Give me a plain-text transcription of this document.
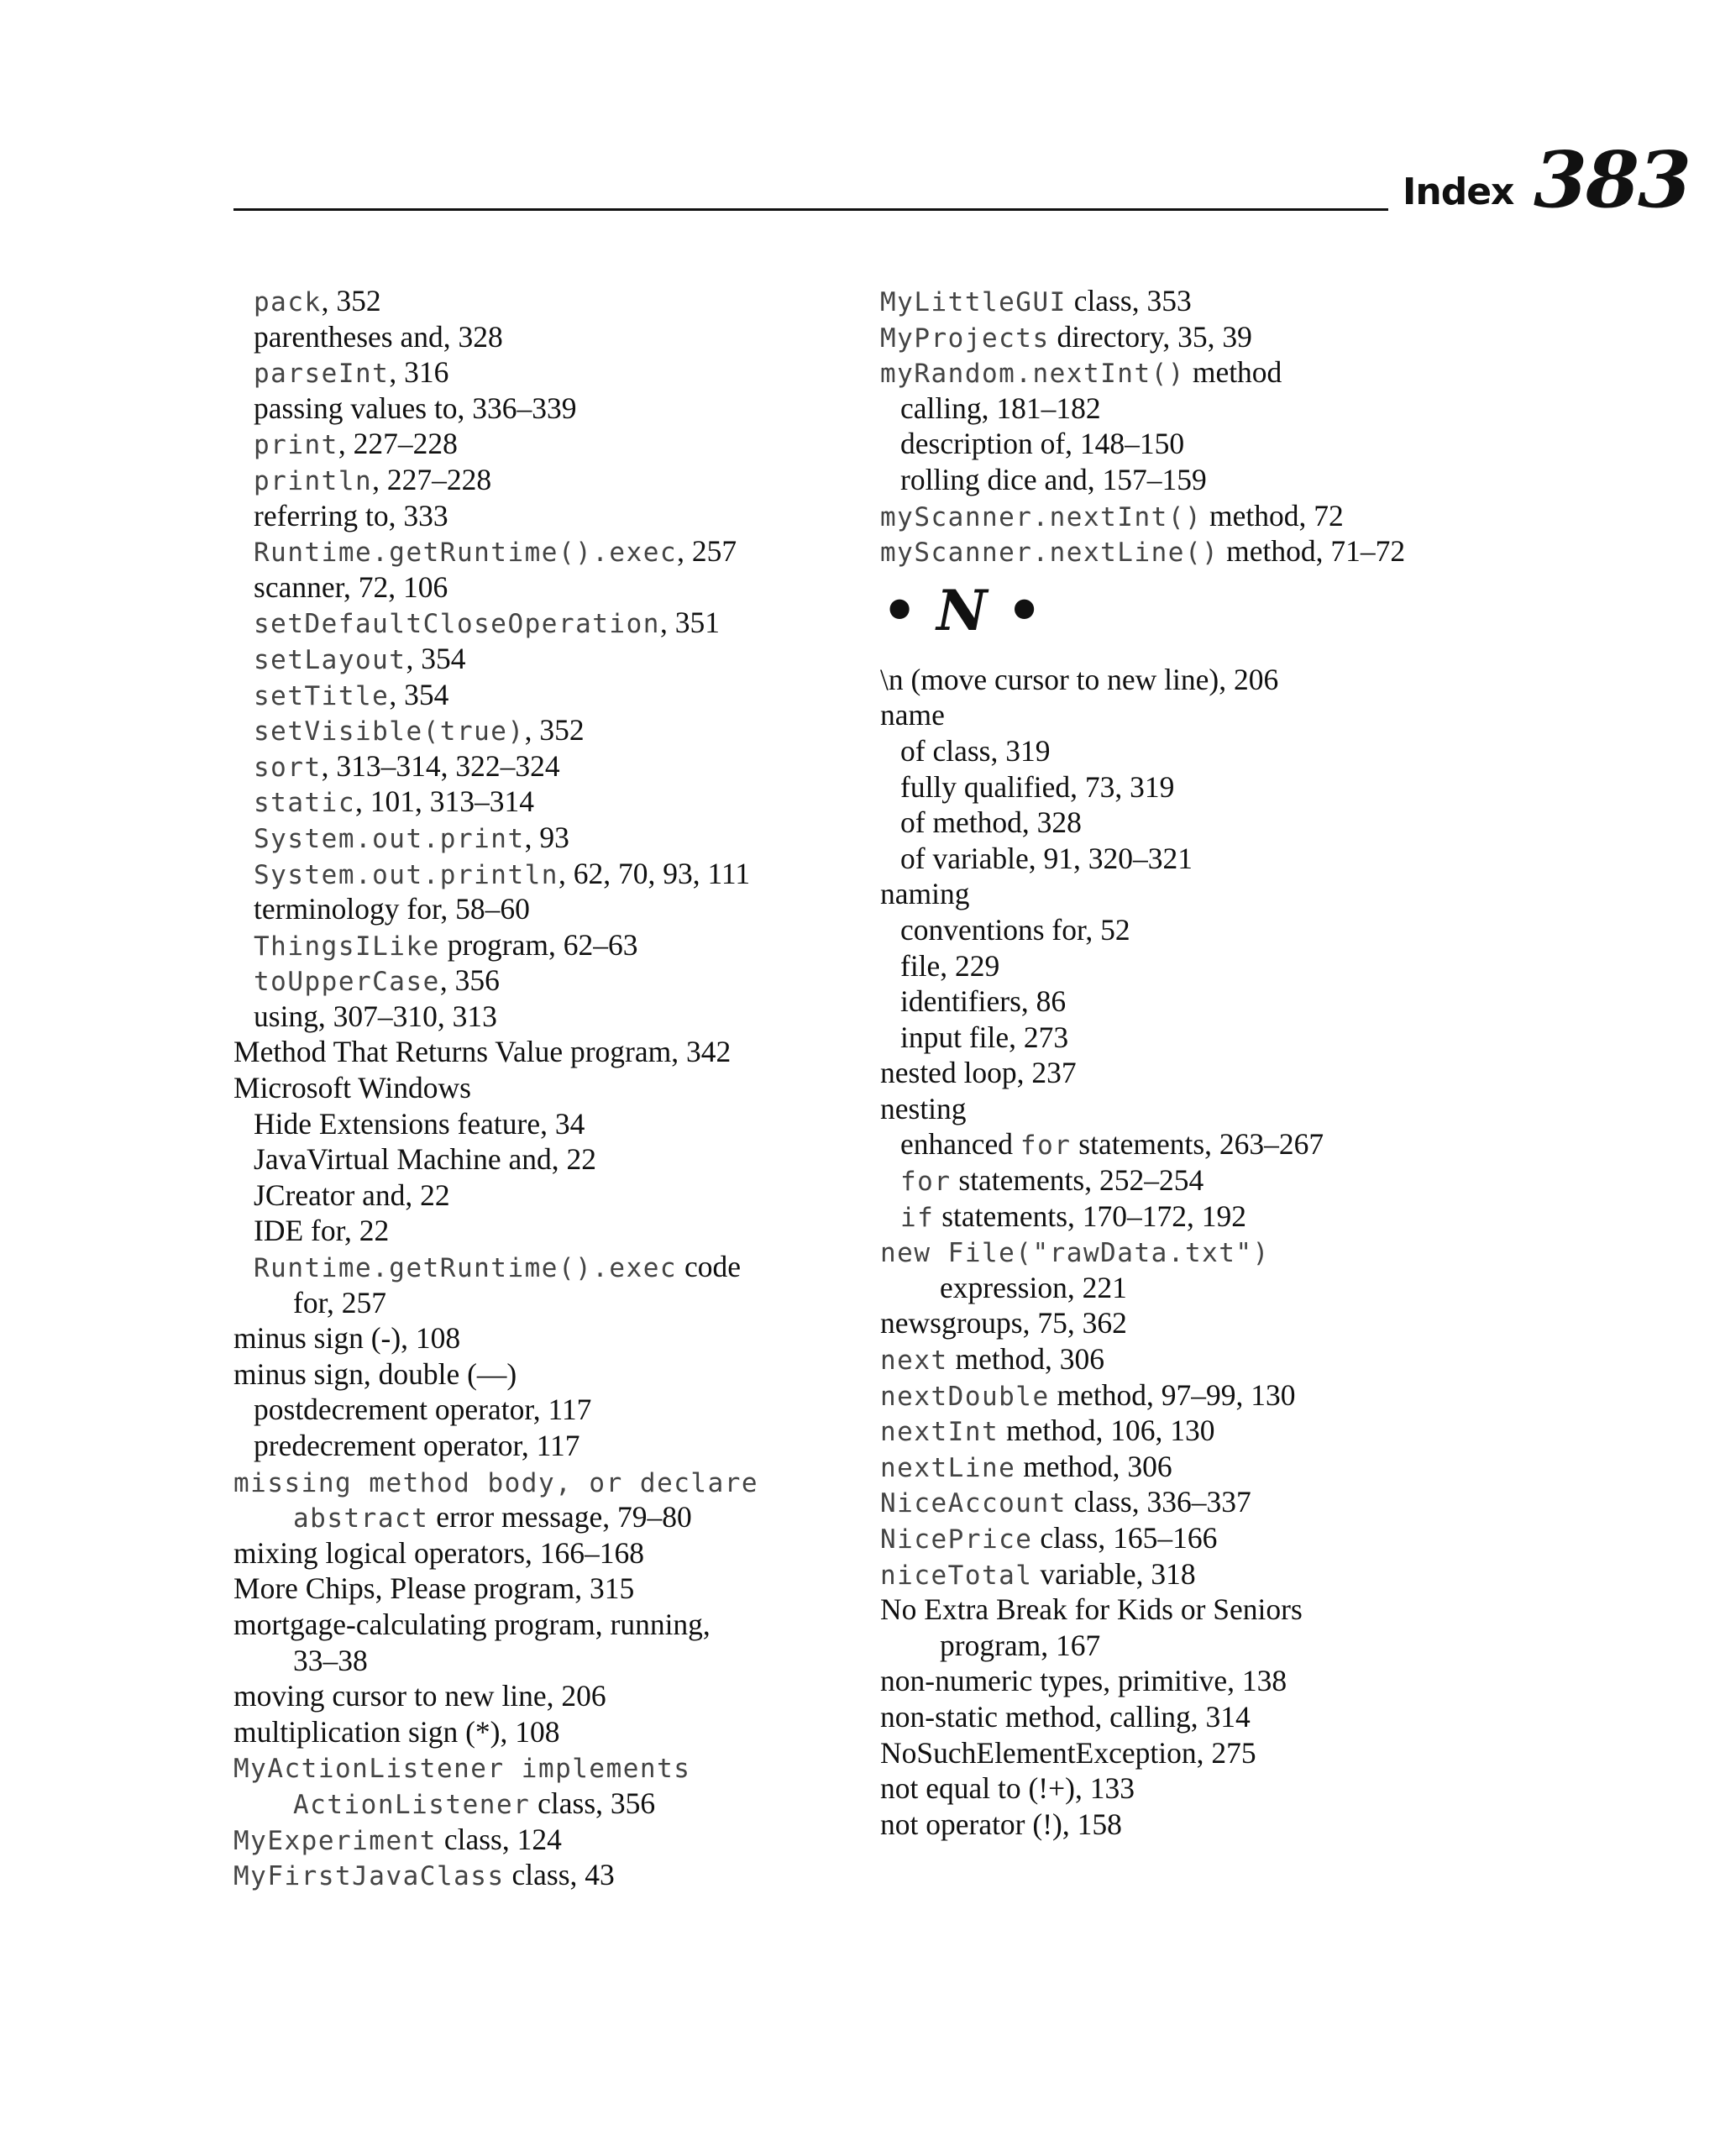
Index 383
pack, 352
parentheses and, 328
parseInt, 316
passing values to, 336–339
print, 227–228
println, 227–228
referring to, 333
Runtime.getRuntime().exec, 257
scanner, 72, 106
setDefaultCloseOperation, 351
setLayout, 354
setTitle, 354
setVisible(true), 352
sort, 313–314, 322–324
static, 101, 313–314
System.out.print, 93
System.out.println, 62, 70, 93, 111
terminology for, 58–60
ThingsILike program, 62–63
toUpperCase, 356
using, 307–310, 313
Method That Returns Value program, 342
Microsoft Windows
Hide Extensions feature, 34
JavaVirtual Machine and, 22
JCreator and, 22
IDE for, 22
Runtime.getRuntime().exec code
for, 257
minus sign (-), 108
minus sign, double (—)
postdecrement operator, 117
predecrement operator, 117
missing method body, or declare
abstract error message, 79–80
mixing logical operators, 166–168
More Chips, Please program, 315
mortgage-calculating program, running,
33–38
moving cursor to new line, 206
multiplication sign (*), 108
MyActionListener implements
ActionListener class, 356
MyExperiment class, 124
MyFirstJavaClass class, 43
MyLittleGUI class, 353
MyProjects directory, 35, 39
myRandom.nextInt() method
calling, 181–182
description of, 148–150
rolling dice and, 157–159
myScanner.nextInt() method, 72
myScanner.nextLine() method, 71–72
• N •
\n (move cursor to new line), 206
name
of class, 319
fully qualified, 73, 319
of method, 328
of variable, 91, 320–321
naming
conventions for, 52
file, 229
identifiers, 86
input file, 273
nested loop, 237
nesting
enhanced for statements, 263–267
for statements, 252–254
if statements, 170–172, 192
new File("rawData.txt")
expression, 221
newsgroups, 75, 362
next method, 306
nextDouble method, 97–99, 130
nextInt method, 106, 130
nextLine method, 306
NiceAccount class, 336–337
NicePrice class, 165–166
niceTotal variable, 318
No Extra Break for Kids or Seniors
program, 167
non-numeric types, primitive, 138
non-static method, calling, 314
NoSuchElementException, 275
not equal to (!+), 133
not operator (!), 158
